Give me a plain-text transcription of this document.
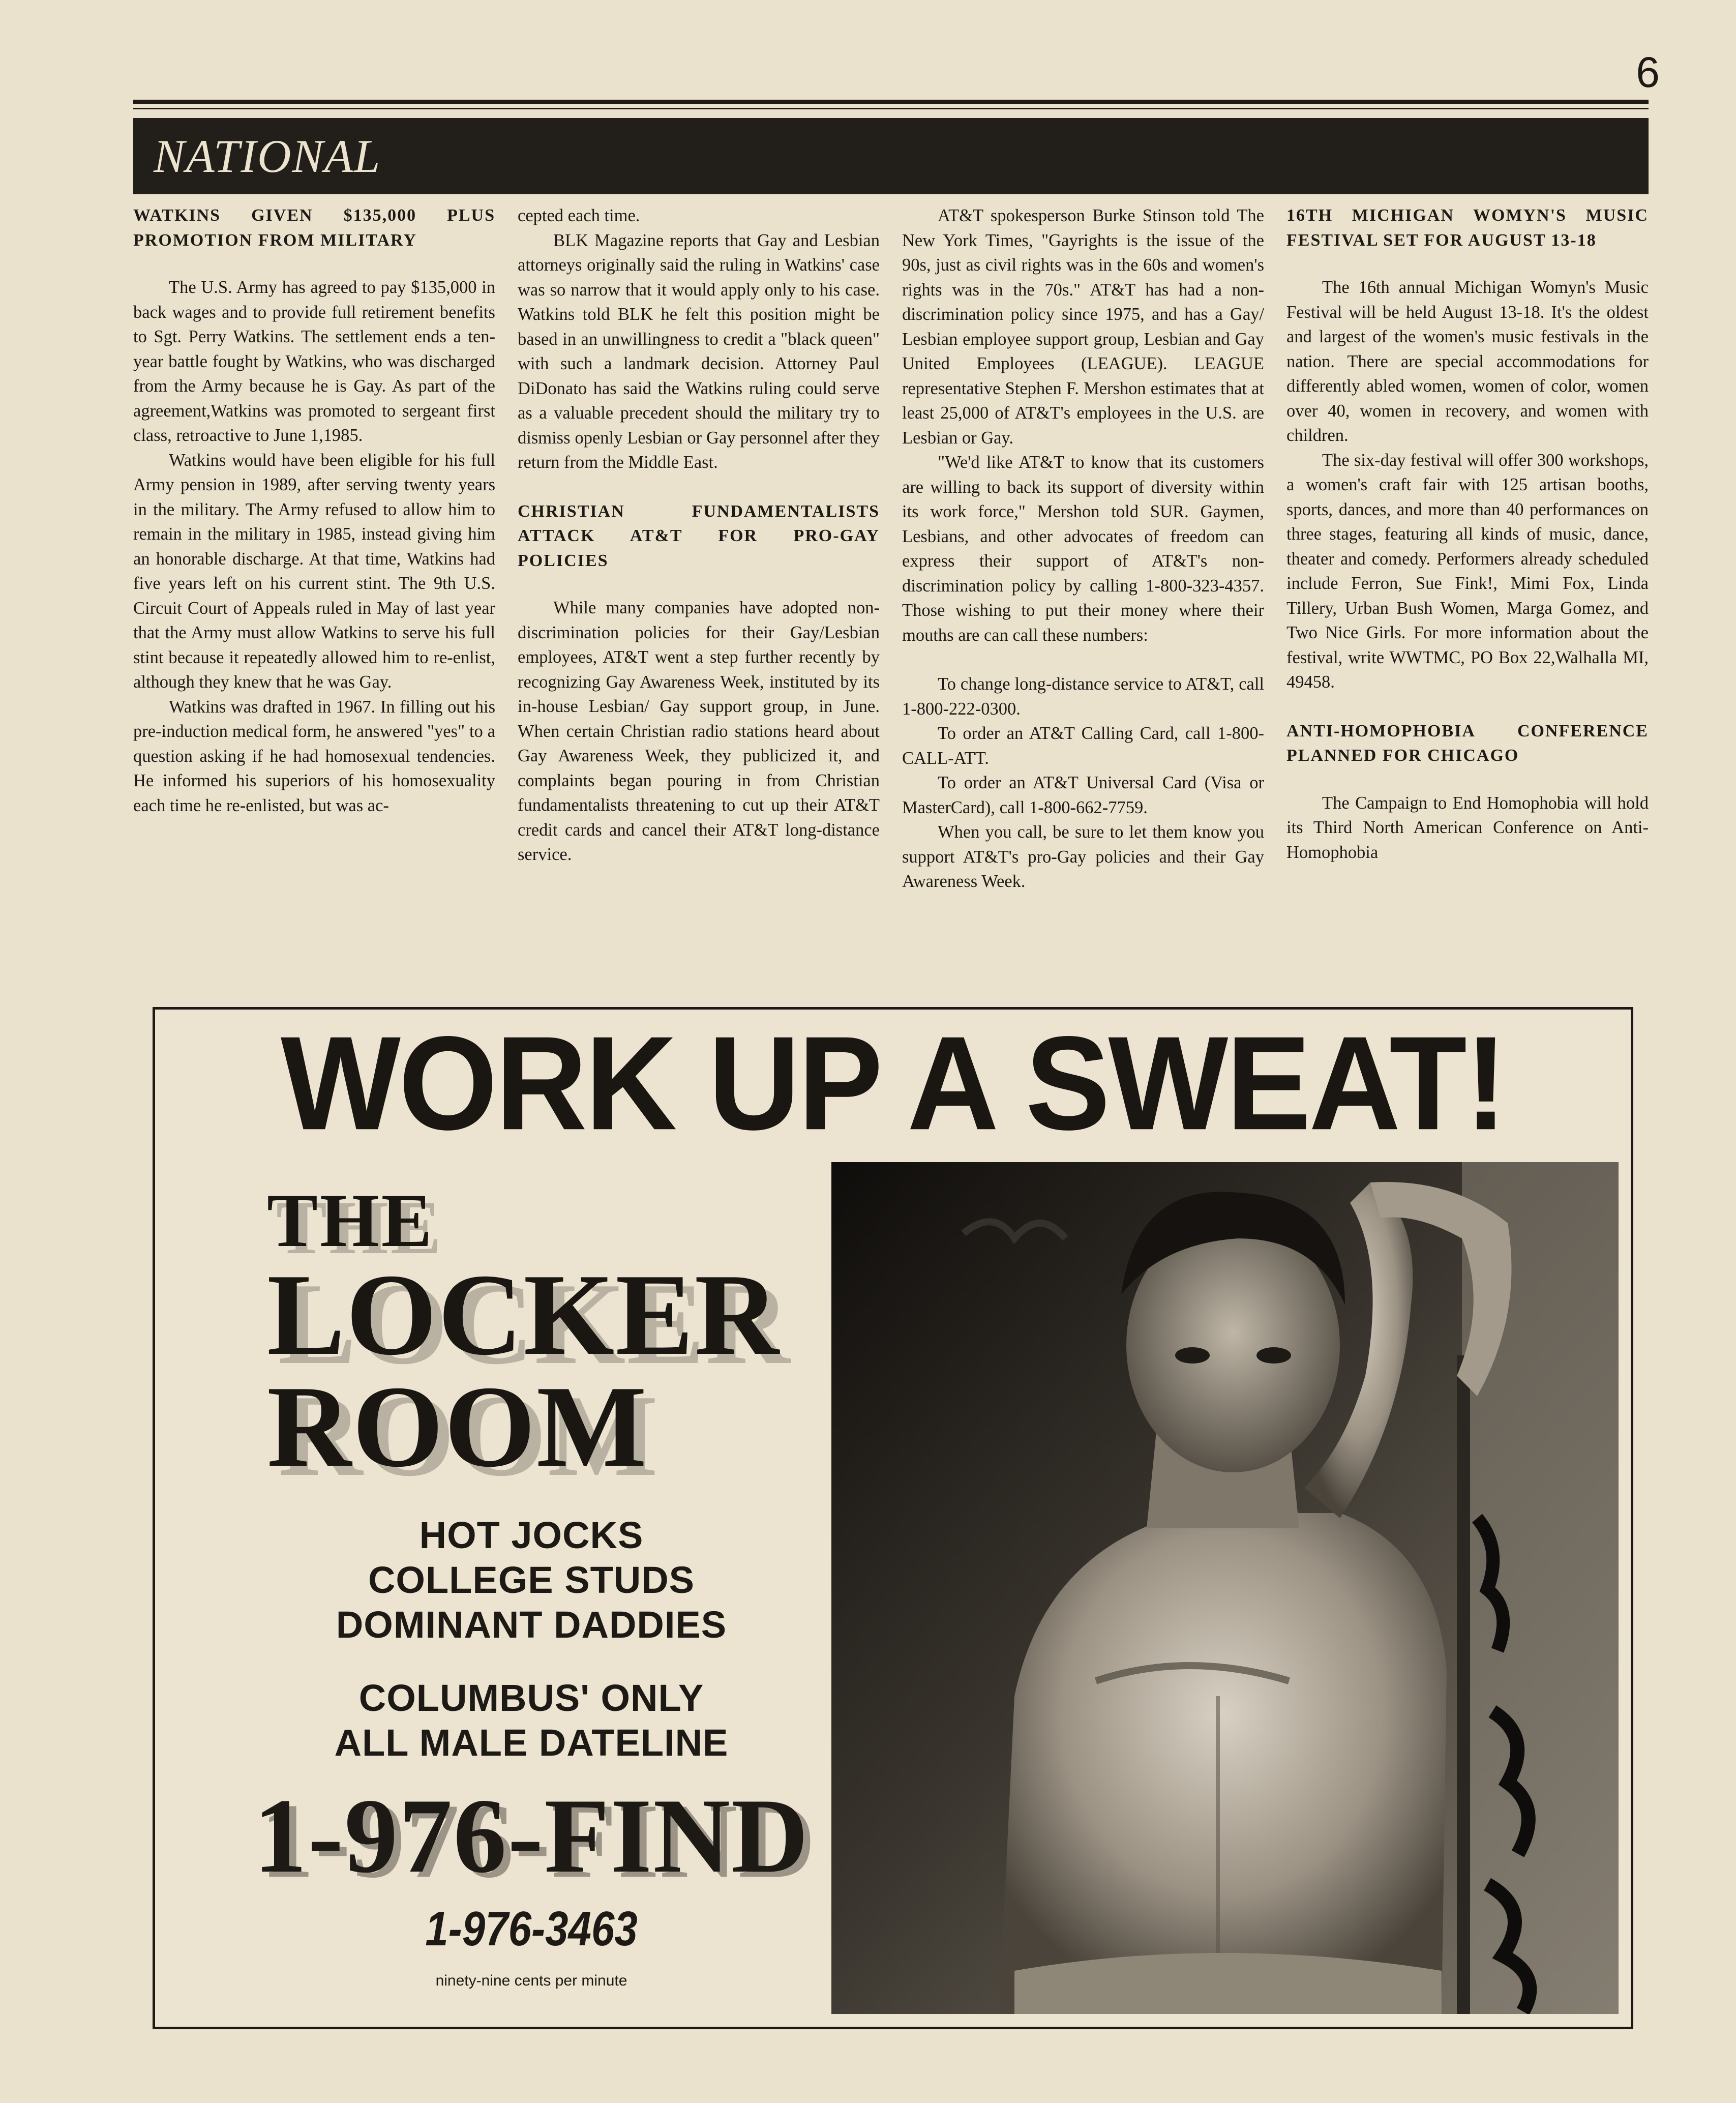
6
NATIONAL
WATKINS GIVEN $135,000 PLUS PROMOTION FROM MILITARY

The U.S. Army has agreed to pay $135,000 in back wages and to provide full retirement benefits to Sgt. Perry Watkins. The settlement ends a ten-year battle fought by Watkins, who was discharged from the Army because he is Gay. As part of the agreement,Watkins was promoted to sergeant first class, retroactive to June 1,1985.

Watkins would have been eligible for his full Army pension in 1989, after serving twenty years in the military. The Army refused to allow him to remain in the military in 1985, instead giving him an honorable discharge. At that time, Watkins had five years left on his current stint. The 9th U.S. Circuit Court of Appeals ruled in May of last year that the Army must allow Watkins to serve his full stint because it repeatedly allowed him to re-enlist, although they knew that he was Gay.

Watkins was drafted in 1967. In filling out his pre-induction medical form, he answered "yes" to a question asking if he had homosexual tendencies. He informed his superiors of his homosexuality each time he re-enlisted, but was ac-

cepted each time.

BLK Magazine reports that Gay and Lesbian attorneys originally said the ruling in Watkins' case was so narrow that it would apply only to his case. Watkins told BLK he felt this position might be based in an unwillingness to credit a "black queen" with such a landmark decision. Attorney Paul DiDonato has said the Watkins ruling could serve as a valuable precedent should the military try to dismiss openly Lesbian or Gay personnel after they return from the Middle East.

CHRISTIAN FUNDAMENTALISTS ATTACK AT&T FOR PRO-GAY POLICIES

While many companies have adopted non-discrimination policies for their Gay/Lesbian employees, AT&T went a step further recently by recognizing Gay Awareness Week, instituted by its in-house Lesbian/ Gay support group, in June. When certain Christian radio stations heard about Gay Awareness Week, they publicized it, and complaints began pouring in from Christian fundamentalists threatening to cut up their AT&T credit cards and cancel their AT&T long-distance service.

AT&T spokesperson Burke Stinson told The New York Times, "Gayrights is the issue of the 90s, just as civil rights was in the 60s and women's rights was in the 70s." AT&T has had a non-discrimination policy since 1975, and has a Gay/ Lesbian employee support group, Lesbian and Gay United Employees (LEAGUE). LEAGUE representative Stephen F. Mershon estimates that at least 25,000 of AT&T's employees in the U.S. are Lesbian or Gay.

"We'd like AT&T to know that its customers are willing to back its support of diversity within its work force," Mershon told SUR. Gaymen, Lesbians, and other advocates of freedom can express their support of AT&T's non-discrimination policy by calling 1-800-323-4357. Those wishing to put their money where their mouths are can call these numbers:

To change long-distance service to AT&T, call 1-800-222-0300.

To order an AT&T Calling Card, call 1-800-CALL-ATT.

To order an AT&T Universal Card (Visa or MasterCard), call 1-800-662-7759.

When you call, be sure to let them know you support AT&T's pro-Gay policies and their Gay Awareness Week.

16TH MICHIGAN WOMYN'S MUSIC FESTIVAL SET FOR AUGUST 13-18

The 16th annual Michigan Womyn's Music Festival will be held August 13-18. It's the oldest and largest of the women's music festivals in the nation. There are special accommodations for differently abled women, women of color, women over 40, women in recovery, and women with children.

The six-day festival will offer 300 workshops, a women's craft fair with 125 artisan booths, sports, dances, and more than 40 performances on three stages, featuring all kinds of music, dance, theater and comedy. Performers already scheduled include Ferron, Sue Fink!, Mimi Fox, Linda Tillery, Urban Bush Women, Marga Gomez, and Two Nice Girls. For more information about the festival, write WWTMC, PO Box 22,Walhalla MI, 49458.

ANTI-HOMOPHOBIA CONFERENCE PLANNED FOR CHICAGO

The Campaign to End Homophobia will hold its Third North American Conference on Anti-Homophobia

WORK UP A SWEAT!
THE
LOCKER
ROOM
HOT JOCKS
COLLEGE STUDS
DOMINANT DADDIES
COLUMBUS' ONLY
ALL MALE DATELINE
1-976-FIND
1-976-3463
ninety-nine cents per minute
